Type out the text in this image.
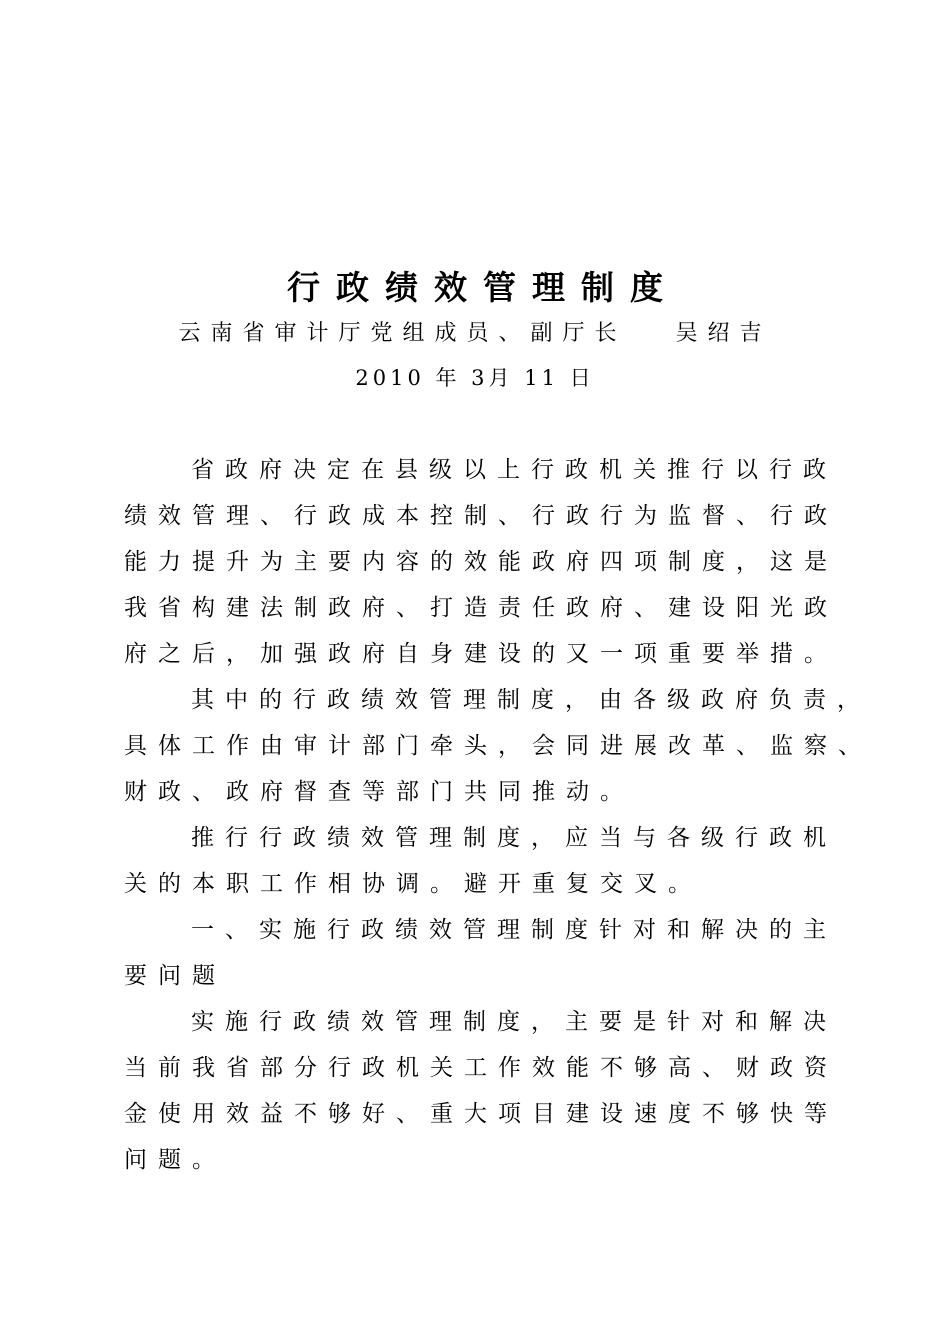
行政绩效管理制度
云南省审计厅党组成员、副厅长　 吴绍吉
2010 年 3月 11 日
省政府决定在县级以上行政机关推行以行政
绩效管理、行政成本控制、行政行为监督、行政
能力提升为主要内容的效能政府四项制度，这是
我省构建法制政府、打造责任政府、建设阳光政
府之后，加强政府自身建设的又一项重要举措。
其中的行政绩效管理制度，由各级政府负责，
具体工作由审计部门牵头，会同进展改革、监察、
财政、政府督查等部门共同推动。
推行行政绩效管理制度，应当与各级行政机
关的本职工作相协调。避开重复交叉。
一、实施行政绩效管理制度针对和解决的主
要问题
实施行政绩效管理制度，主要是针对和解决
当前我省部分行政机关工作效能不够高、财政资
金使用效益不够好、重大项目建设速度不够快等
问题。
